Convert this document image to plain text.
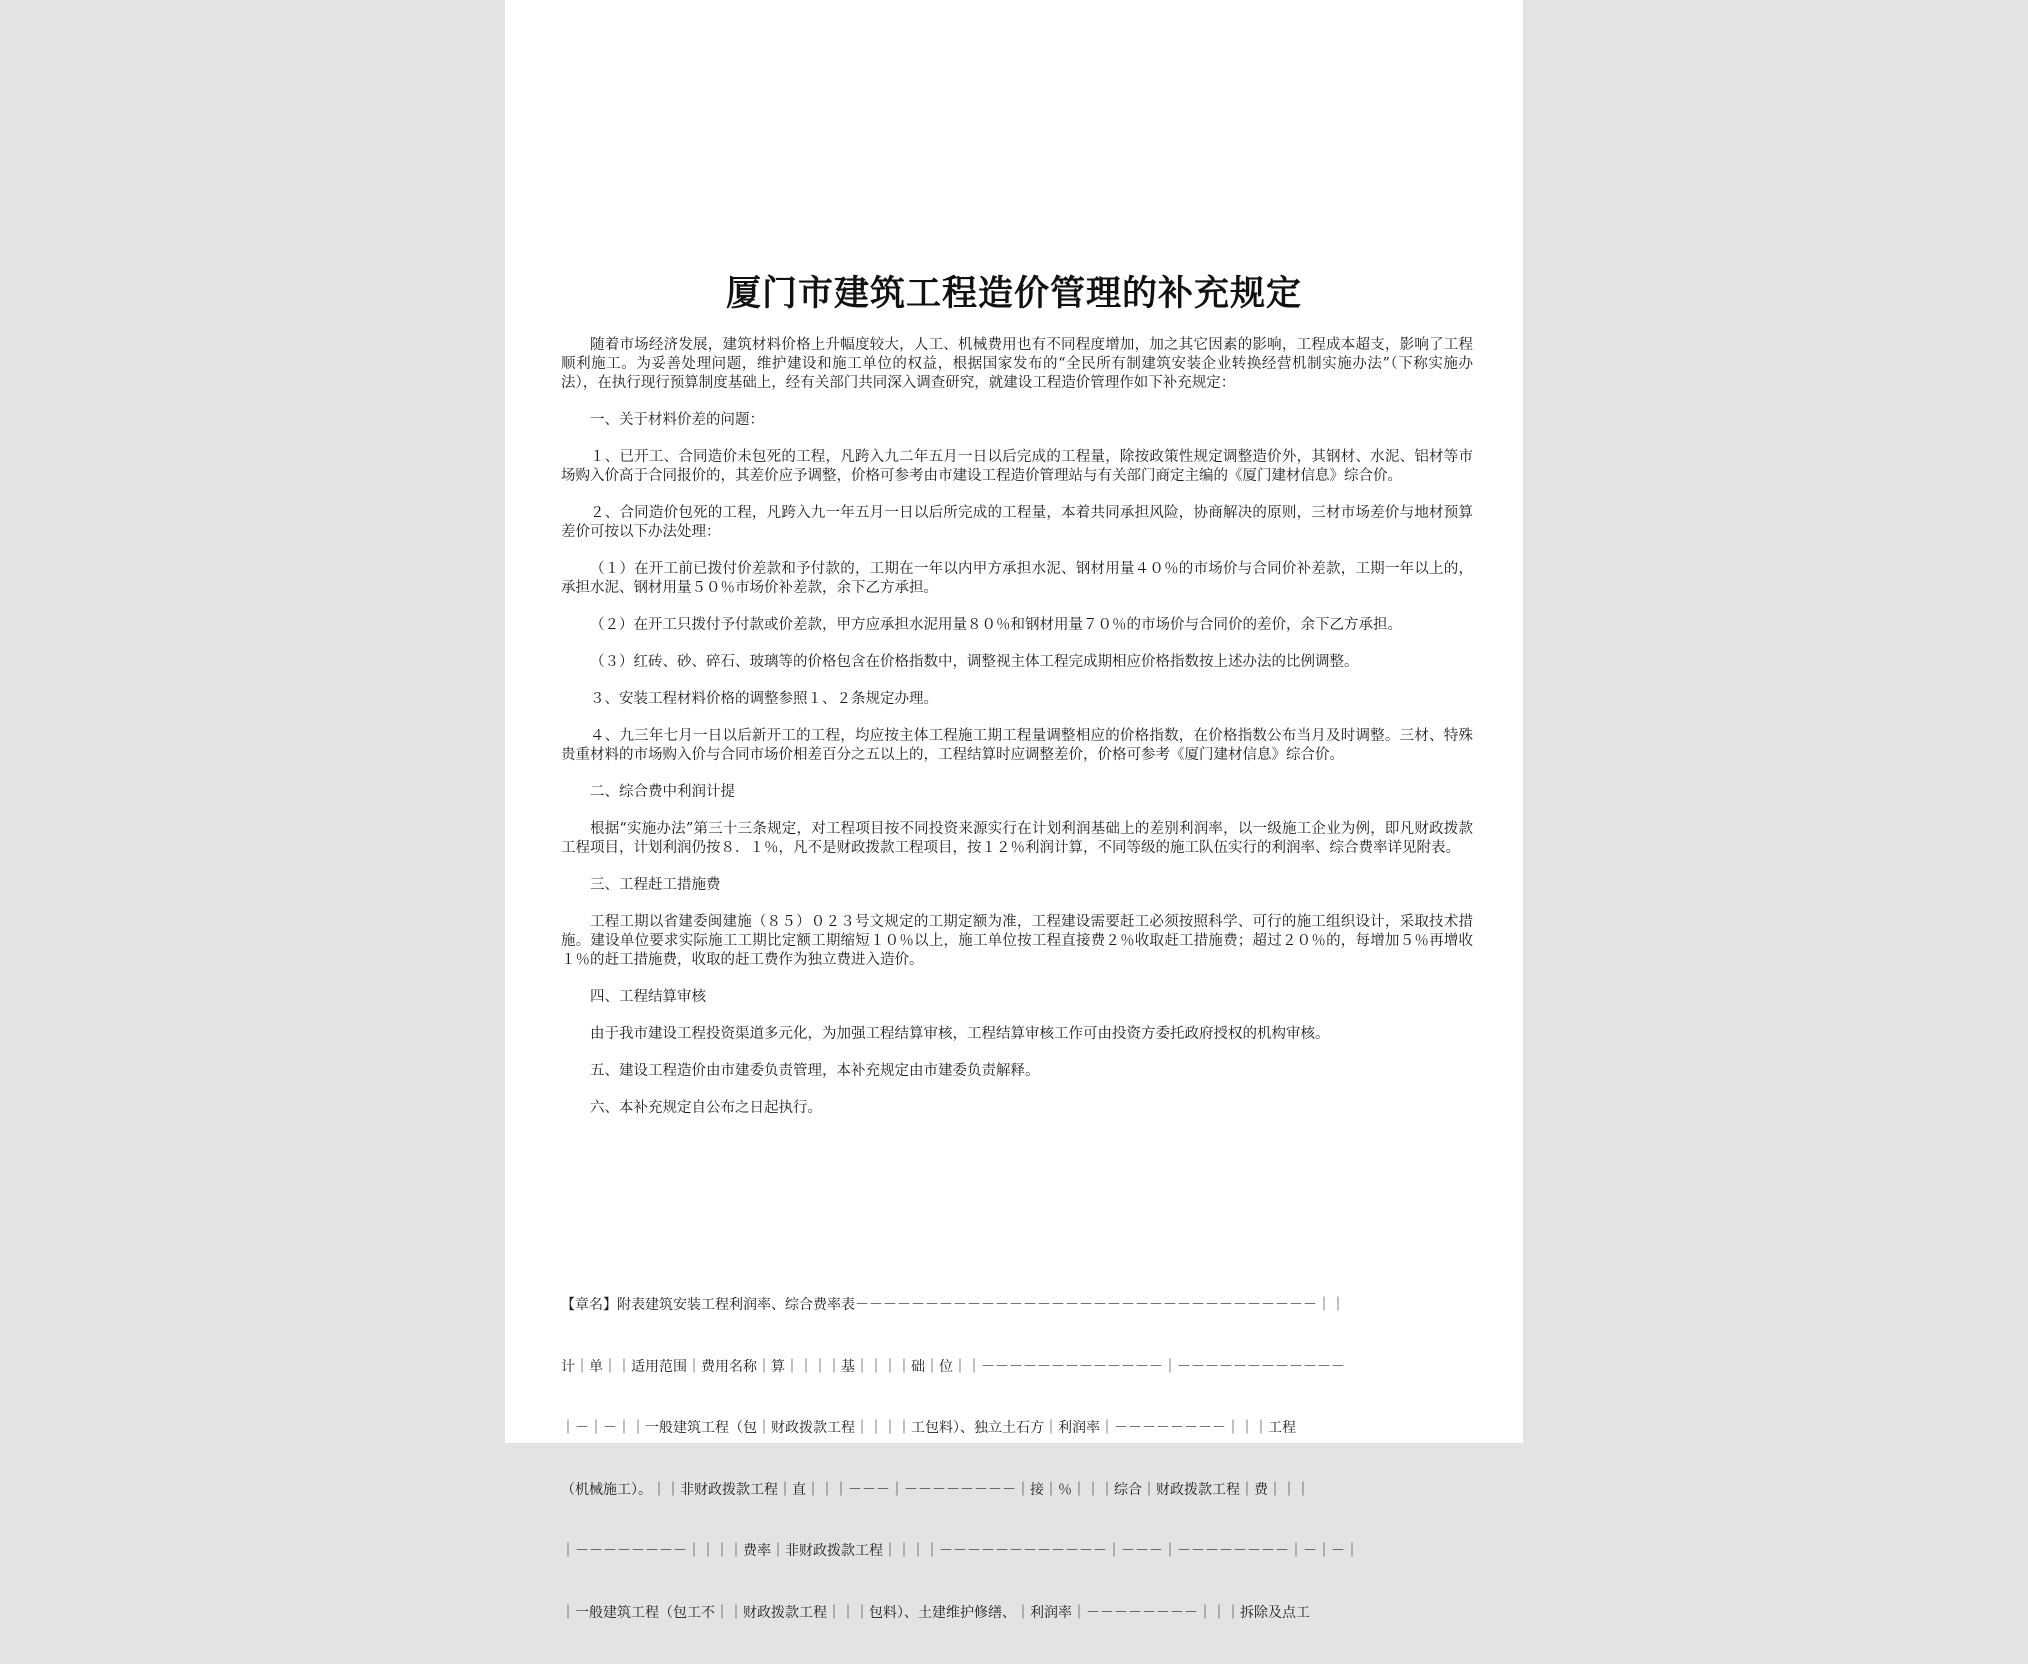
厦门市建筑工程造价管理的补充规定

随着市场经济发展，建筑材料价格上升幅度较大，人工、机械费用也有不同程度增加，加之其它因素的影响，工程成本超支，影响了工程顺利施工。为妥善处理问题，维护建设和施工单位的权益，根据国家发布的“全民所有制建筑安装企业转换经营机制实施办法”（下称实施办法），在执行现行预算制度基础上，经有关部门共同深入调查研究，就建设工程造价管理作如下补充规定：

一、关于材料价差的问题：

１、已开工、合同造价未包死的工程，凡跨入九二年五月一日以后完成的工程量，除按政策性规定调整造价外，其钢材、水泥、铝材等市场购入价高于合同报价的，其差价应予调整，价格可参考由市建设工程造价管理站与有关部门商定主编的《厦门建材信息》综合价。

２、合同造价包死的工程，凡跨入九一年五月一日以后所完成的工程量，本着共同承担风险，协商解决的原则，三材市场差价与地材预算差价可按以下办法处理：

（１）在开工前已拨付价差款和予付款的，工期在一年以内甲方承担水泥、钢材用量４０％的市场价与合同价补差款，工期一年以上的，承担水泥、钢材用量５０％市场价补差款，余下乙方承担。

（２）在开工只拨付予付款或价差款，甲方应承担水泥用量８０％和钢材用量７０％的市场价与合同价的差价，余下乙方承担。

（３）红砖、砂、碎石、玻璃等的价格包含在价格指数中，调整视主体工程完成期相应价格指数按上述办法的比例调整。

３、安装工程材料价格的调整参照１、２条规定办理。

４、九三年七月一日以后新开工的工程，均应按主体工程施工期工程量调整相应的价格指数，在价格指数公布当月及时调整。三材、特殊贵重材料的市场购入价与合同市场价相差百分之五以上的，工程结算时应调整差价，价格可参考《厦门建材信息》综合价。

二、综合费中利润计提

根据“实施办法”第三十三条规定，对工程项目按不同投资来源实行在计划利润基础上的差别利润率，以一级施工企业为例，即凡财政拨款工程项目，计划利润仍按８．１％，凡不是财政拨款工程项目，按１２％利润计算，不同等级的施工队伍实行的利润率、综合费率详见附表。

三、工程赶工措施费

工程工期以省建委闽建施（８５）０２３号文规定的工期定额为准，工程建设需要赶工必须按照科学、可行的施工组织设计，采取技术措施。建设单位要求实际施工工期比定额工期缩短１０％以上，施工单位按工程直接费２％收取赶工措施费；超过２０％的，每增加５％再增收１％的赶工措施费，收取的赶工费作为独立费进入造价。

四、工程结算审核

由于我市建设工程投资渠道多元化，为加强工程结算审核，工程结算审核工作可由投资方委托政府授权的机构审核。

五、建设工程造价由市建委负责管理，本补充规定由市建委负责解释。

六、本补充规定自公布之日起执行。

【章名】附表建筑安装工程利润率、综合费率表－－－－－－－－－－－－－－－－－－－－－－－－－－－－－－－－－｜｜

计｜单｜｜适用范围｜费用名称｜算｜｜｜｜基｜｜｜｜础｜位｜｜－－－－－－－－－－－－－｜－－－－－－－－－－－－

｜－｜－｜｜一般建筑工程（包｜财政拨款工程｜｜｜｜工包料）、独立土石方｜利润率｜－－－－－－－－｜｜｜工程

（机械施工）。｜｜非财政拨款工程｜直｜｜｜－－－｜－－－－－－－－｜接｜％｜｜｜综合｜财政拨款工程｜费｜｜｜

｜－－－－－－－－｜｜｜｜费率｜非财政拨款工程｜｜｜｜－－－－－－－－－－－－｜－－－｜－－－－－－－－｜－｜－｜

｜一般建筑工程（包工不｜｜财政拨款工程｜｜｜包料）、土建维护修缮、｜利润率｜－－－－－－－－｜｜｜拆除及点工
